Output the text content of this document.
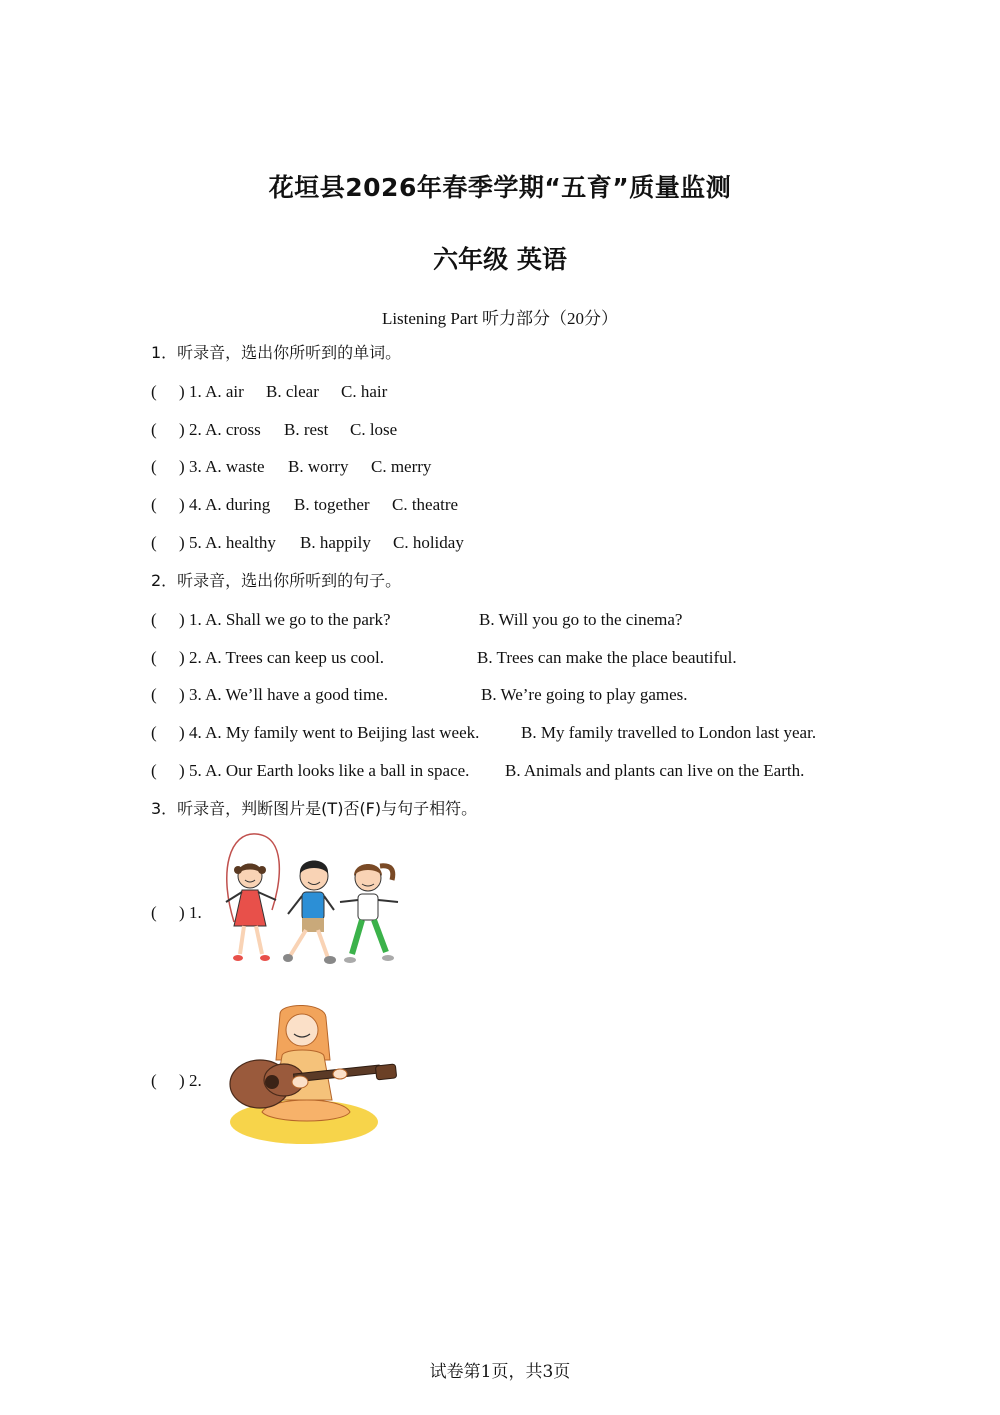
花垣县2026年春季学期“五育”质量监测
六年级 英语
Listening Part 听力部分（20分）
1．听录音，选出你所听到的单词。
( ) 1. A. air B. clear C. hair
( ) 2. A. cross B. rest C. lose
( ) 3. A. waste B. worry C. merry
( ) 4. A. during B. together C. theatre
( ) 5. A. healthy B. happily C. holiday
2．听录音，选出你所听到的句子。
( ) 1. A. Shall we go to the park?	B. Will you go to the cinema?
( ) 2. A. Trees can keep us cool.	B. Trees can make the place beautiful.
( ) 3. A. We’ll have a good time.	B. We’re going to play games.
( ) 4. A. My family went to Beijing last week. B. My family travelled to London last year.
( ) 5. A. Our Earth looks like a ball in space. B. Animals and plants can live on the Earth.
3．听录音，判断图片是(T)否(F)与句子相符。
( ) 1.
( ) 2.
试卷第1页，共3页
